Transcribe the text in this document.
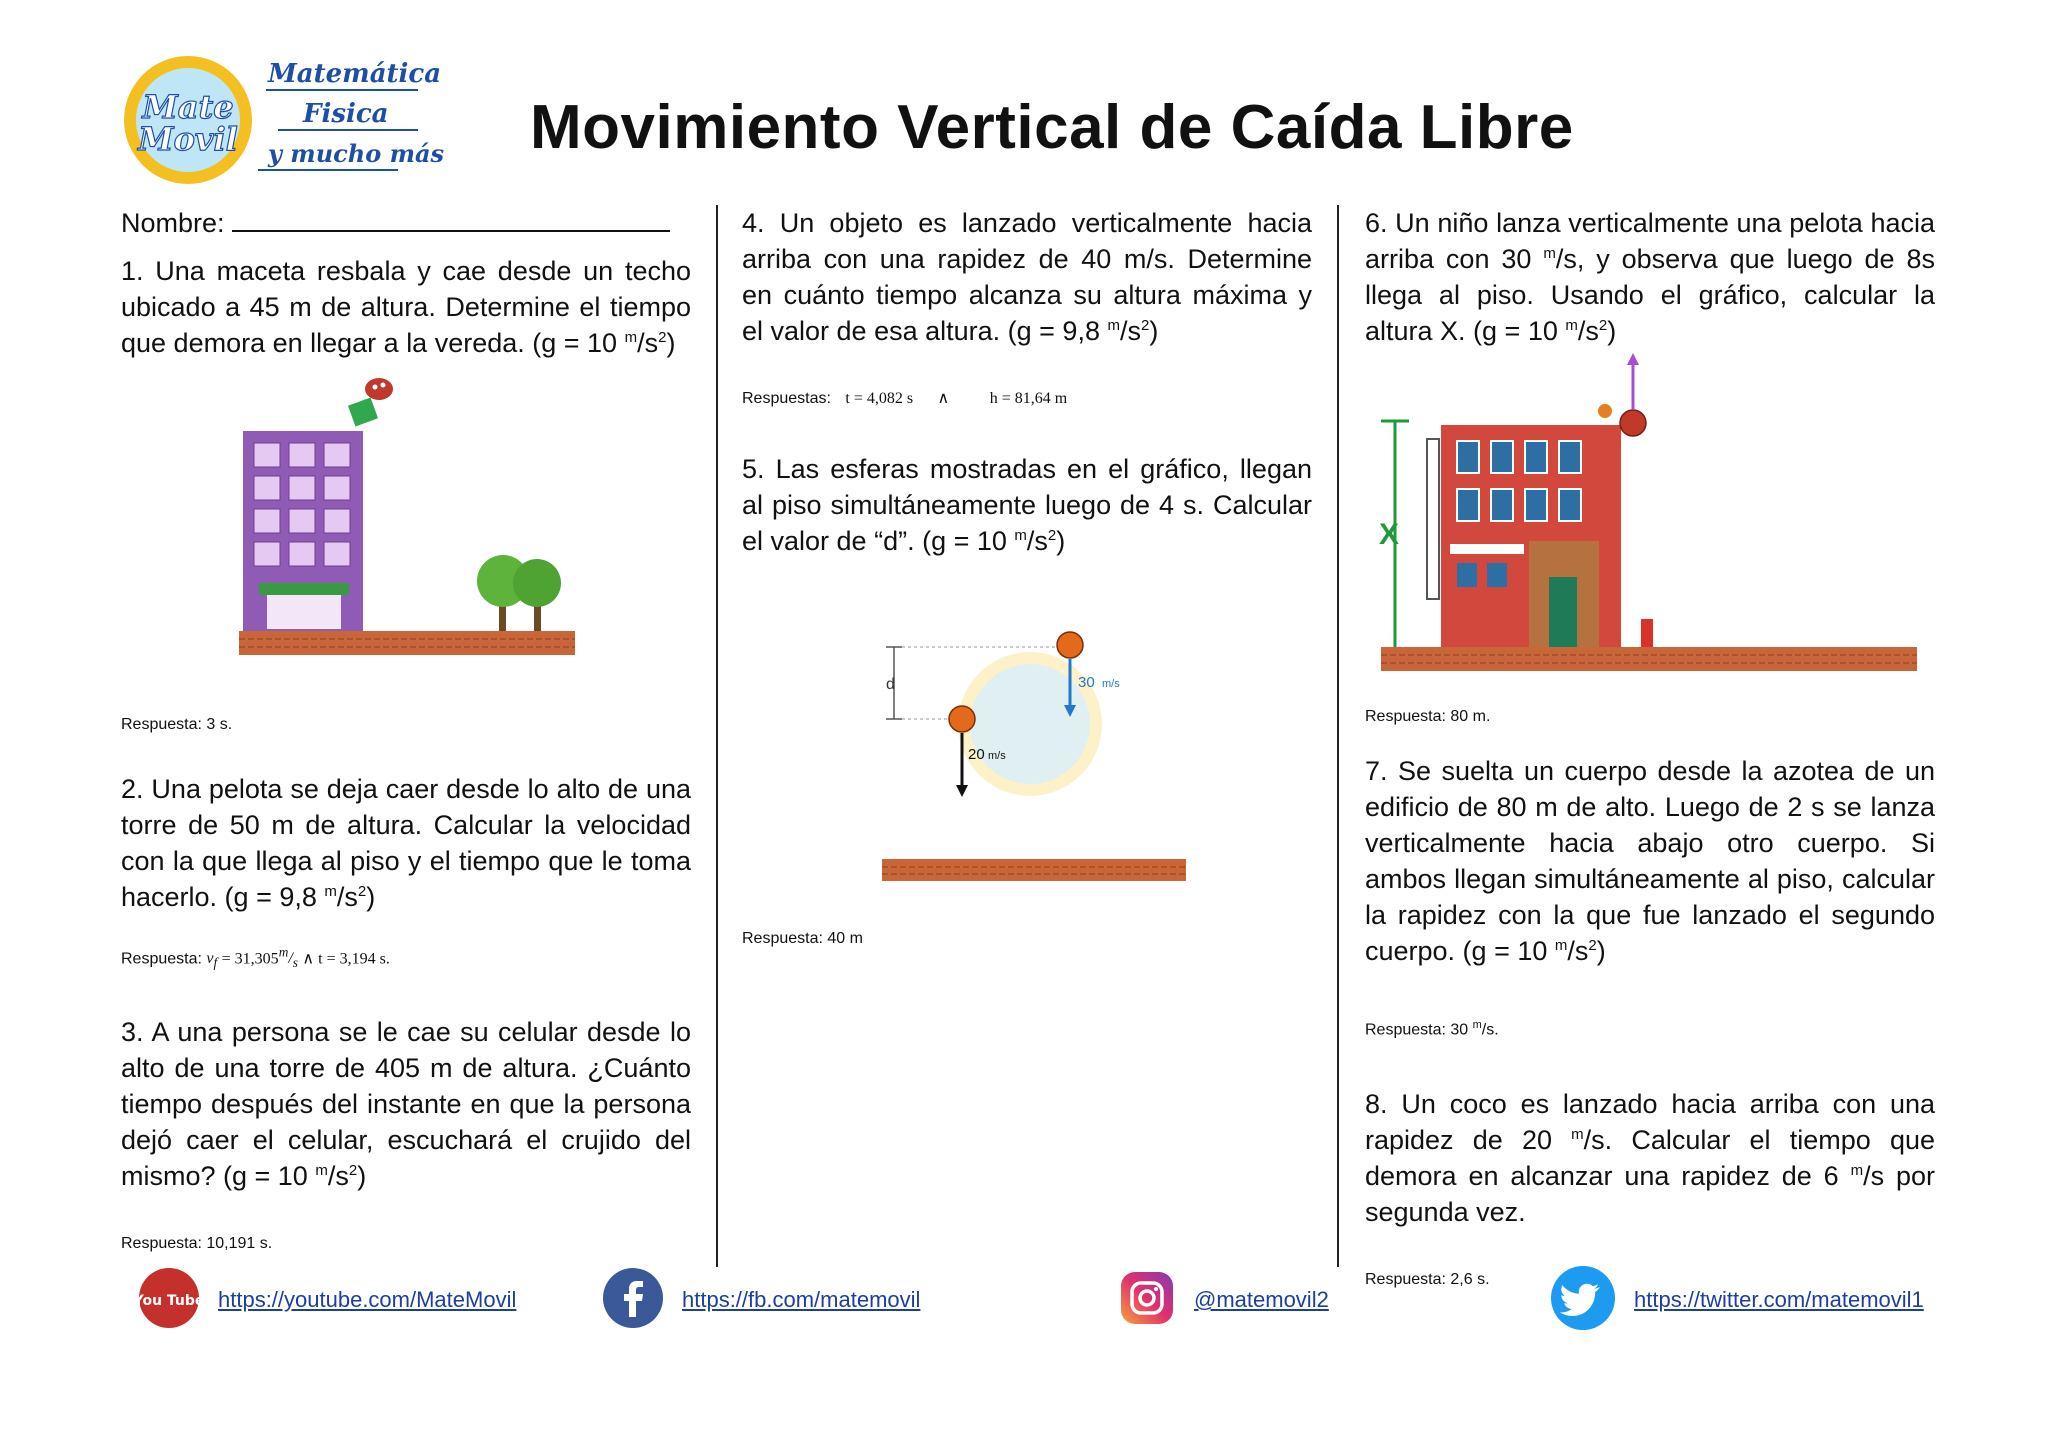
Mate
Movil
Matemática
Fisica
y mucho más Movimiento Vertical de Caída Libre

Nombre:

1. Una maceta resbala y cae desde un techo ubicado a 45 m de altura. Determine el tiempo que demora en llegar a la vereda. (g = 10 $^m/s^2$)

Respuesta: 3 s.

2. Una pelota se deja caer desde lo alto de una torre de 50 m de altura. Calcular la velocidad con la que llega al piso y el tiempo que le toma hacerlo. (g = 9,8 $^m/s^2$)

Respuesta: $v_f = 31,305^m/_s$ ∧ t = 3,194 s.

3. A una persona se le cae su celular desde lo alto de una torre de 405 m de altura. ¿Cuánto tiempo después del instante en que la persona dejó caer el celular, escuchará el crujido del mismo? (g = 10 $^m/s^2$)

Respuesta: 10,191 s.

4. Un objeto es lanzado verticalmente hacia arriba con una rapidez de 40 m/s. Determine en cuánto tiempo alcanza su altura máxima y el valor de esa altura. (g = 9,8 $^m/s^2$)

Respuestas: t = 4,082 s ∧	h = 81,64 m

5. Las esferas mostradas en el gráfico, llegan al piso simultáneamente luego de 4 s. Calcular el valor de “d”. (g = 10 $^m/s^2$)

d	30 m/s
20 m/s

Respuesta: 40 m

6. Un niño lanza verticalmente una pelota hacia arriba con 30 $^m$/s, y observa que luego de 8s llega al piso. Usando el gráfico, calcular la altura X. (g = 10 $^m/s^2$)

X

Respuesta: 80 m.

7. Se suelta un cuerpo desde la azotea de un edificio de 80 m de alto. Luego de 2 s se lanza verticalmente hacia abajo otro cuerpo. Si ambos llegan simultáneamente al piso, calcular la rapidez con la que fue lanzado el segundo cuerpo. (g = 10 $^m/s^2$)

Respuesta: 30 $^m$/s.

8. Un coco es lanzado hacia arriba con una rapidez de 20 $^m$/s. Calcular el tiempo que demora en alcanzar una rapidez de 6 $^m$/s por segunda vez.

Respuesta: 2,6 s.

You Tube https://youtube.com/MateMovil	https://fb.com/matemovil	@matemovil2	https://twitter.com/matemovil1
